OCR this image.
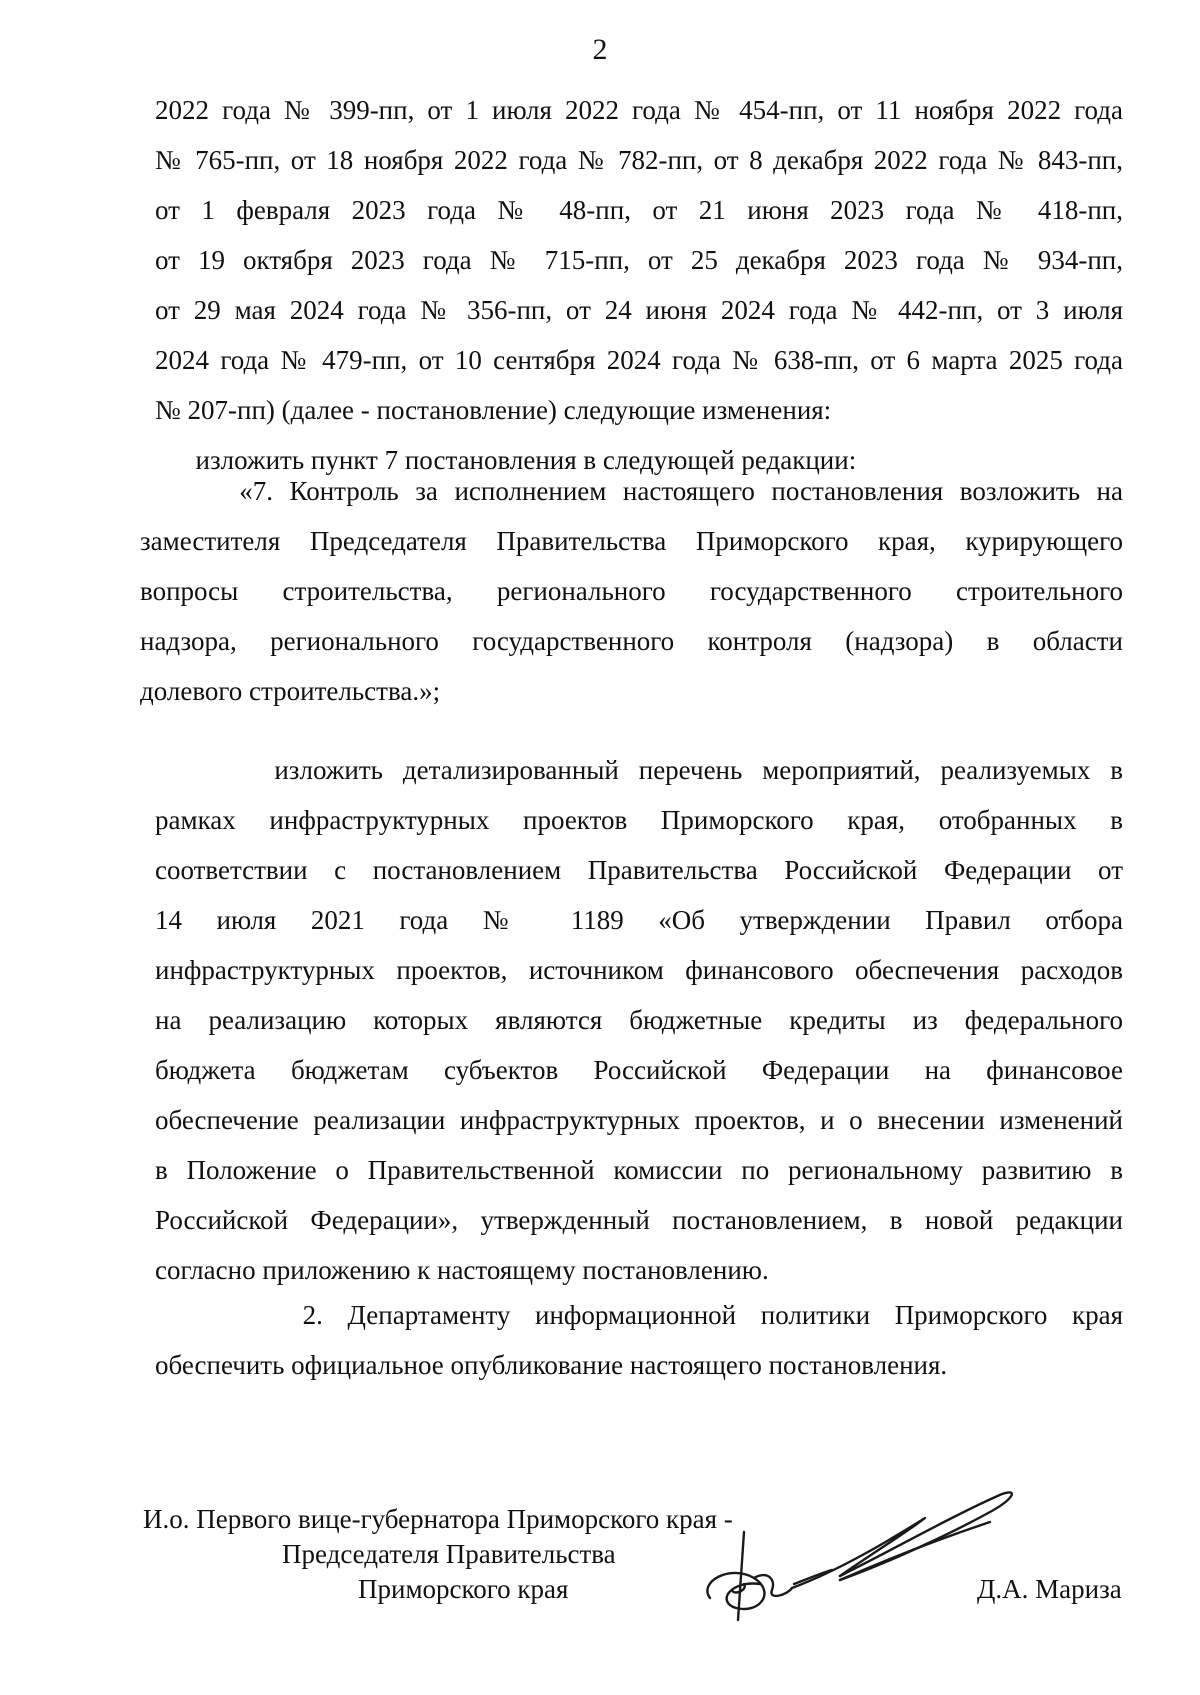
2
2022 года № 399-пп, от 1 июля 2022 года № 454-пп, от 11 ноября 2022 года
№ 765-пп, от 18 ноября 2022 года № 782-пп, от 8 декабря 2022 года № 843-пп,
от 1 февраля 2023 года № 48-пп, от 21 июня 2023 года № 418-пп,
от 19 октября 2023 года № 715-пп, от 25 декабря 2023 года № 934-пп,
от 29 мая 2024 года № 356-пп, от 24 июня 2024 года № 442-пп, от 3 июля
2024 года № 479-пп, от 10 сентября 2024 года № 638-пп, от 6 марта 2025 года
№ 207-пп) (далее - постановление) следующие изменения:
изложить пункт 7 постановления в следующей редакции:
«7. Контроль за исполнением настоящего постановления возложить на
заместителя Председателя Правительства Приморского края, курирующего
вопросы строительства, регионального государственного строительного
надзора, регионального государственного контроля (надзора) в области
долевого строительства.»;
изложить детализированный перечень мероприятий, реализуемых в
рамках инфраструктурных проектов Приморского края, отобранных в
соответствии с постановлением Правительства Российской Федерации от
14 июля 2021 года № 1189 «Об утверждении Правил отбора
инфраструктурных проектов, источником финансового обеспечения расходов
на реализацию которых являются бюджетные кредиты из федерального
бюджета бюджетам субъектов Российской Федерации на финансовое
обеспечение реализации инфраструктурных проектов, и о внесении изменений
в Положение о Правительственной комиссии по региональному развитию в
Российской Федерации», утвержденный постановлением, в новой редакции
согласно приложению к настоящему постановлению.
2. Департаменту информационной политики Приморского края
обеспечить официальное опубликование настоящего постановления.
И.о. Первого вице-губернатора Приморского края -
Председателя Правительства
Приморского края	Д.А. Мариза
